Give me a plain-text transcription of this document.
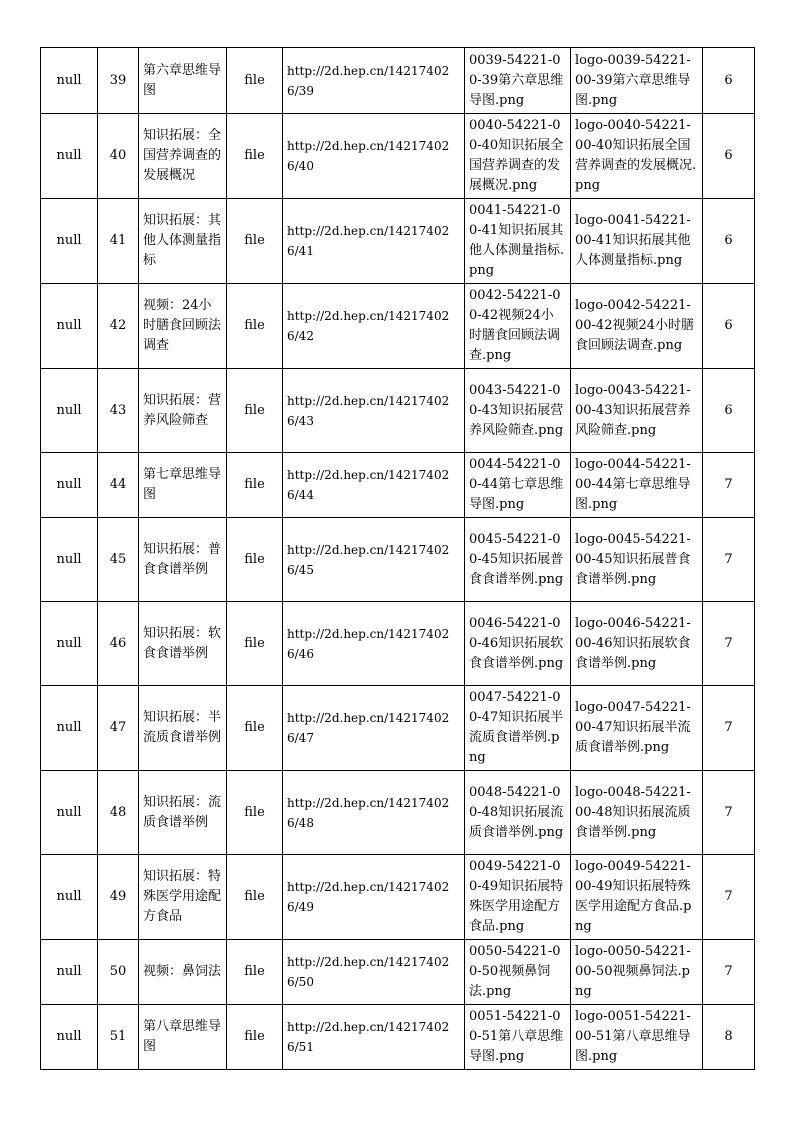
null	39	第六章思维导图	file	http://2d.hep.cn/142174026/39	0039-54221-00-39第六章思维导图.png	logo-0039-54221-00-39第六章思维导图.png	6
null	40	知识拓展：全国营养调查的发展概况	file	http://2d.hep.cn/142174026/40	0040-54221-00-40知识拓展全国营养调查的发展概况.png	logo-0040-54221-00-40知识拓展全国营养调查的发展概况.png	6
null	41	知识拓展：其他人体测量指标	file	http://2d.hep.cn/142174026/41	0041-54221-00-41知识拓展其他人体测量指标.png	logo-0041-54221-00-41知识拓展其他人体测量指标.png	6
null	42	视频：24小时膳食回顾法调查	file	http://2d.hep.cn/142174026/42	0042-54221-00-42视频24小时膳食回顾法调查.png	logo-0042-54221-00-42视频24小时膳食回顾法调查.png	6
null	43	知识拓展：营养风险筛查	file	http://2d.hep.cn/142174026/43	0043-54221-00-43知识拓展营养风险筛查.png	logo-0043-54221-00-43知识拓展营养风险筛查.png	6
null	44	第七章思维导图	file	http://2d.hep.cn/142174026/44	0044-54221-00-44第七章思维导图.png	logo-0044-54221-00-44第七章思维导图.png	7
null	45	知识拓展：普食食谱举例	file	http://2d.hep.cn/142174026/45	0045-54221-00-45知识拓展普食食谱举例.png	logo-0045-54221-00-45知识拓展普食食谱举例.png	7
null	46	知识拓展：软食食谱举例	file	http://2d.hep.cn/142174026/46	0046-54221-00-46知识拓展软食食谱举例.png	logo-0046-54221-00-46知识拓展软食食谱举例.png	7
null	47	知识拓展：半流质食谱举例	file	http://2d.hep.cn/142174026/47	0047-54221-00-47知识拓展半流质食谱举例.png	logo-0047-54221-00-47知识拓展半流质食谱举例.png	7
null	48	知识拓展：流质食谱举例	file	http://2d.hep.cn/142174026/48	0048-54221-00-48知识拓展流质食谱举例.png	logo-0048-54221-00-48知识拓展流质食谱举例.png	7
null	49	知识拓展：特殊医学用途配方食品	file	http://2d.hep.cn/142174026/49	0049-54221-00-49知识拓展特殊医学用途配方食品.png	logo-0049-54221-00-49知识拓展特殊医学用途配方食品.png	7
null	50	视频：鼻饲法	file	http://2d.hep.cn/142174026/50	0050-54221-00-50视频鼻饲法.png	logo-0050-54221-00-50视频鼻饲法.png	7
null	51	第八章思维导图	file	http://2d.hep.cn/142174026/51	0051-54221-00-51第八章思维导图.png	logo-0051-54221-00-51第八章思维导图.png	8
